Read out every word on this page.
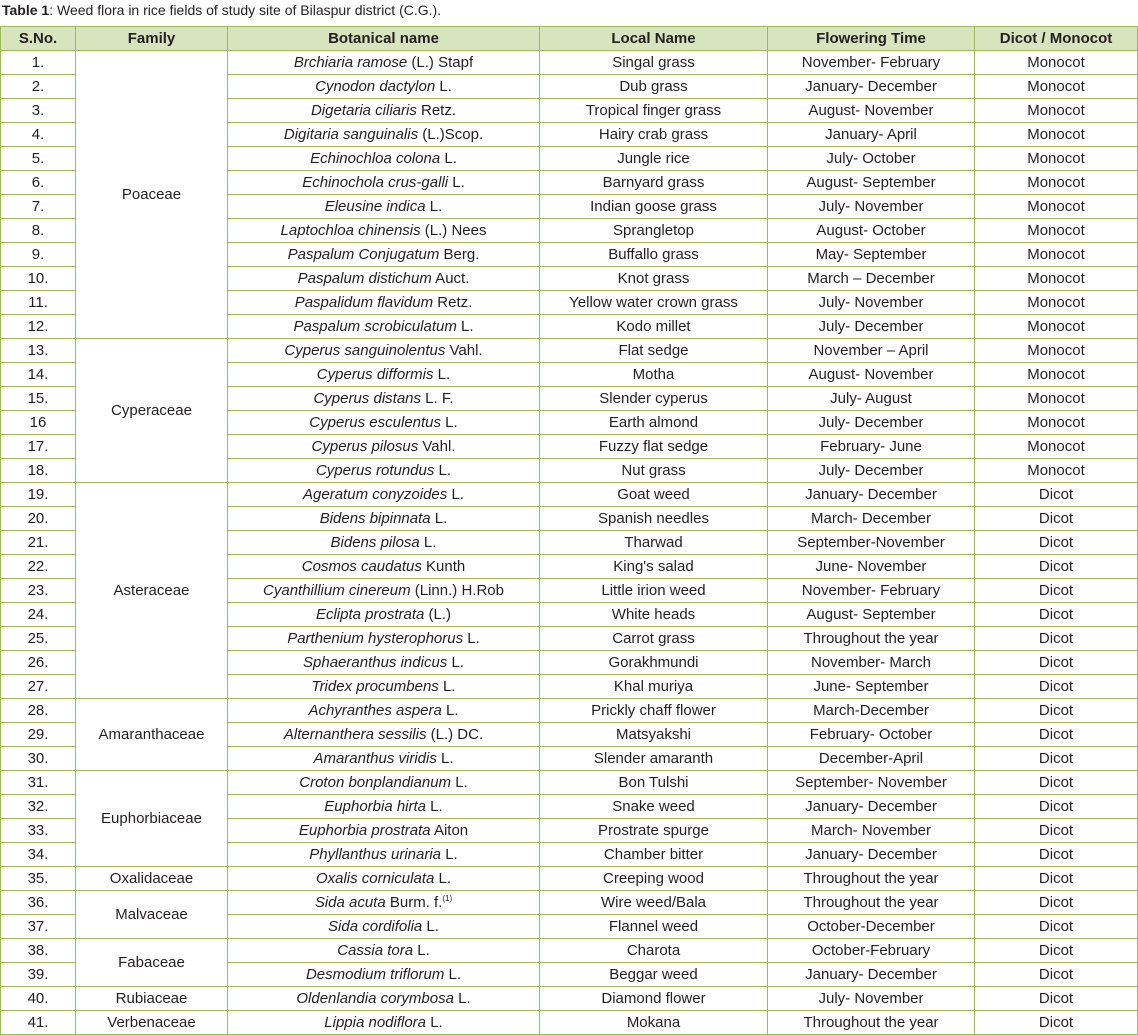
Table 1: Weed flora in rice fields of study site of Bilaspur district (C.G.).
S.No.	Family	Botanical name	Local Name	Flowering Time	Dicot / Monocot
1.	Poaceae	Brchiaria ramose (L.) Stapf	Singal grass	November- February	Monocot
2.		Cynodon dactylon L.	Dub grass	January- December	Monocot
3.		Digetaria ciliaris Retz.	Tropical finger grass	August- November	Monocot
4.		Digitaria sanguinalis (L.)Scop.	Hairy crab grass	January- April	Monocot
5.		Echinochloa colona L.	Jungle rice	July- October	Monocot
6.		Echinochola crus-galli L.	Barnyard grass	August- September	Monocot
7.		Eleusine indica L.	Indian goose grass	July- November	Monocot
8.		Laptochloa chinensis (L.) Nees	Sprangletop	August- October	Monocot
9.		Paspalum Conjugatum Berg.	Buffallo grass	May- September	Monocot
10.		Paspalum distichum Auct.	Knot grass	March – December	Monocot
11.		Paspalidum flavidum Retz.	Yellow water crown grass	July- November	Monocot
12.		Paspalum scrobiculatum L.	Kodo millet	July- December	Monocot
13.	Cyperaceae	Cyperus sanguinolentus Vahl.	Flat sedge	November – April	Monocot
14.		Cyperus difformis L.	Motha	August- November	Monocot
15.		Cyperus distans L. F.	Slender cyperus	July- August	Monocot
16		Cyperus esculentus L.	Earth almond	July- December	Monocot
17.		Cyperus pilosus Vahl.	Fuzzy flat sedge	February- June	Monocot
18.		Cyperus rotundus L.	Nut grass	July- December	Monocot
19.	Asteraceae	Ageratum conyzoides L.	Goat weed	January- December	Dicot
20.		Bidens bipinnata L.	Spanish needles	March- December	Dicot
21.		Bidens pilosa L.	Tharwad	September-November	Dicot
22.		Cosmos caudatus Kunth	King's salad	June- November	Dicot
23.		Cyanthillium cinereum (Linn.) H.Rob	Little irion weed	November- February	Dicot
24.		Eclipta prostrata (L.)	White heads	August- September	Dicot
25.		Parthenium hysterophorus L.	Carrot grass	Throughout the year	Dicot
26.		Sphaeranthus indicus L.	Gorakhmundi	November- March	Dicot
27.		Tridex procumbens L.	Khal muriya	June- September	Dicot
28.	Amaranthaceae	Achyranthes aspera L.	Prickly chaff flower	March-December	Dicot
29.		Alternanthera sessilis (L.) DC.	Matsyakshi	February- October	Dicot
30.		Amaranthus viridis L.	Slender amaranth	December-April	Dicot
31.	Euphorbiaceae	Croton bonplandianum L.	Bon Tulshi	September- November	Dicot
32.		Euphorbia hirta L.	Snake weed	January- December	Dicot
33.		Euphorbia prostrata Aiton	Prostrate spurge	March- November	Dicot
34.		Phyllanthus urinaria L.	Chamber bitter	January- December	Dicot
35.	Oxalidaceae	Oxalis corniculata L.	Creeping wood	Throughout the year	Dicot
36.	Malvaceae	Sida acuta Burm. f.$^{(1)}$	Wire weed/Bala	Throughout the year	Dicot
37.		Sida cordifolia L.	Flannel weed	October-December	Dicot
38.	Fabaceae	Cassia tora L.	Charota	October-February	Dicot
39.		Desmodium triflorum L.	Beggar weed	January- December	Dicot
40.	Rubiaceae	Oldenlandia corymbosa L.	Diamond flower	July- November	Dicot
41.	Verbenaceae	Lippia nodiflora L.	Mokana	Throughout the year	Dicot
